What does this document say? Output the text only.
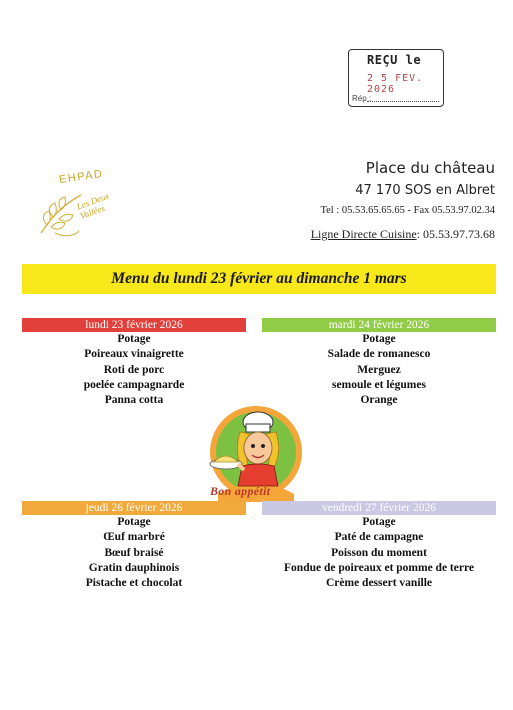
REÇU le
2 5 FEV. 2026
Rép :
EHPAD
Les Deux Vallées
Place du château
47 170 SOS en Albret
Tel : 05.53.65.65.65 - Fax 05.53.97.02.34
Ligne Directe Cuisine: 05.53.97.73.68
Menu du lundi 23 février au dimanche 1 mars
lundi 23 février 2026
Potage
Poireaux vinaigrette
Roti de porc
poelée campagnarde
Panna cotta
mardi 24 février 2026
Potage
Salade de romanesco
Merguez
semoule et légumes
Orange
Bon appétit
jeudi 26 février 2026
Potage
Œuf marbré
Bœuf braisé
Gratin dauphinois
Pistache et chocolat
vendredi 27 février 2026
Potage
Paté de campagne
Poisson du moment
Fondue de poireaux et pomme de terre
Crème dessert vanille
